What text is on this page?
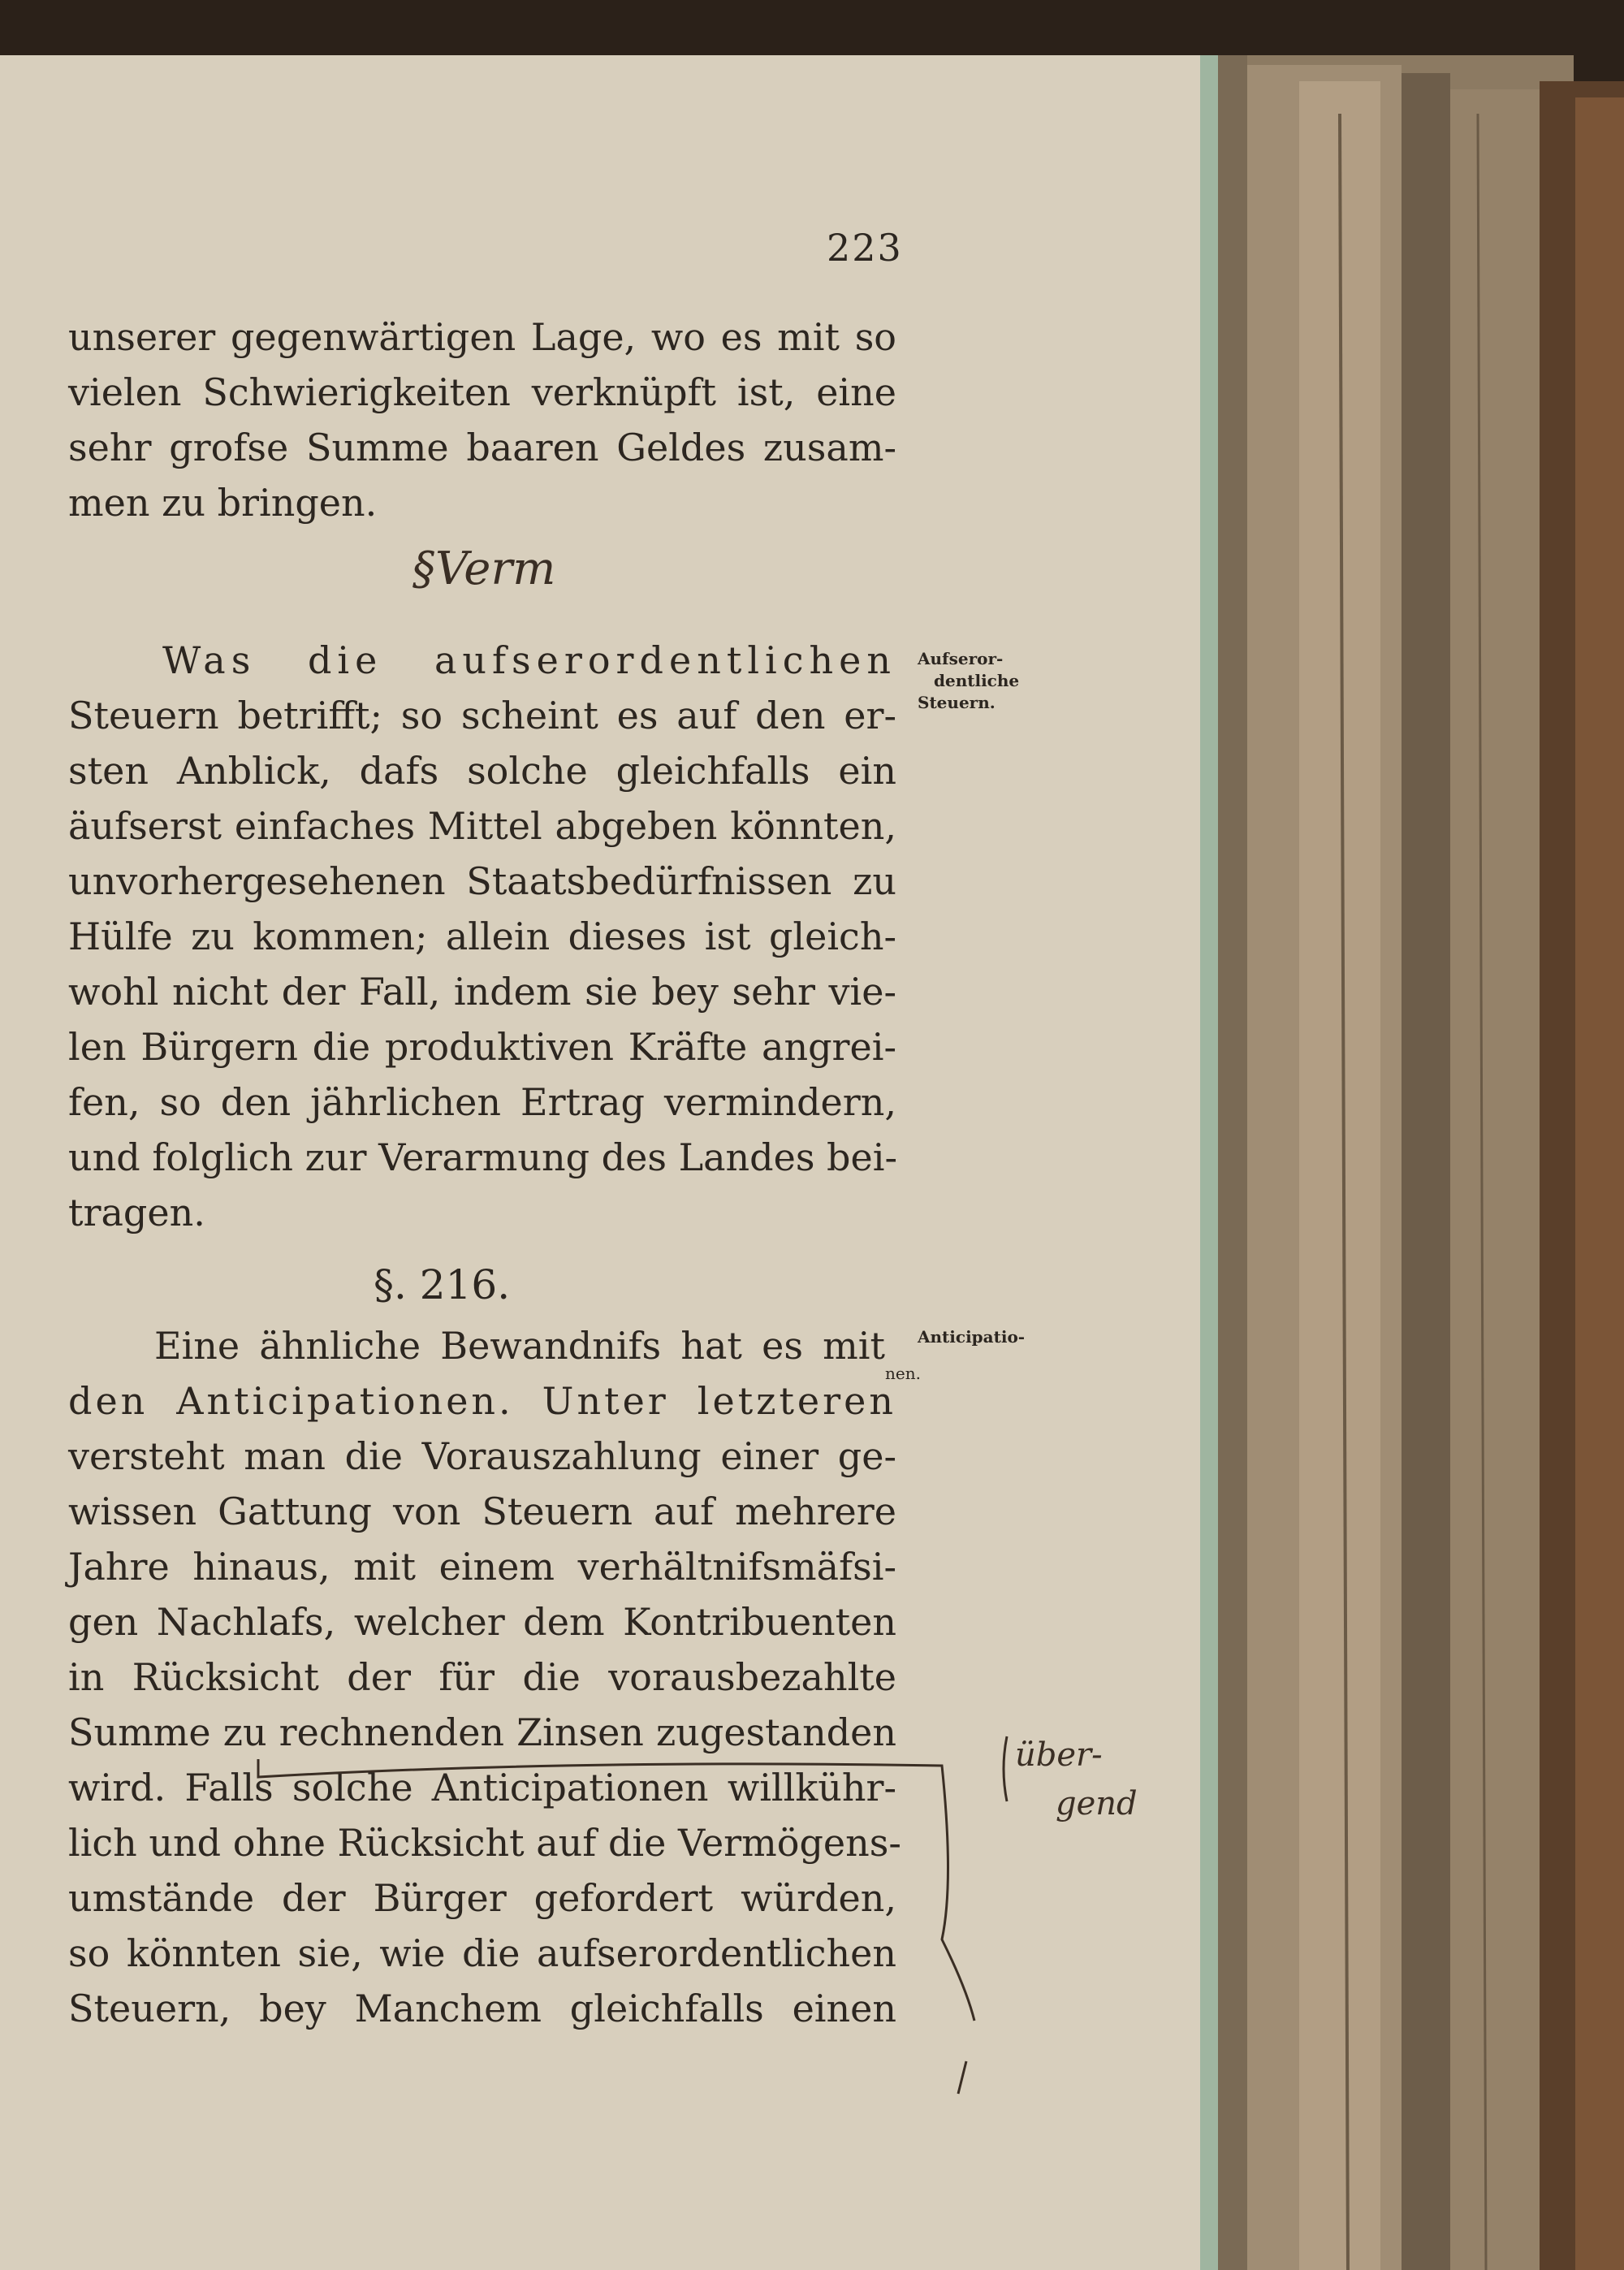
223
unserer gegenwärtigen Lage, wo es mit so
vielen Schwierigkeiten verknüpft ist, eine
sehr grofse Summe baaren Geldes zusam-
men zu bringen.
§Verm
Was die aufserordentlichen
Steuern betrifft; so scheint es auf den er-
sten Anblick, dafs solche gleichfalls ein
äufserst einfaches Mittel abgeben könnten,
unvorhergesehenen Staatsbedürfnissen zu
Hülfe zu kommen; allein dieses ist gleich-
wohl nicht der Fall, indem sie bey sehr vie-
len Bürgern die produktiven Kräfte angrei-
fen, so den jährlichen Ertrag vermindern,
und folglich zur Verarmung des Landes bei-
tragen.
Aufseror-
dentliche
Steuern.
§. 216.
Eine ähnliche Bewandnifs hat es mit
den Anticipationen. Unter letzteren
versteht man die Vorauszahlung einer ge-
wissen Gattung von Steuern auf mehrere
Jahre hinaus, mit einem verhältnifsmäfsi-
gen Nachlafs, welcher dem Kontribuenten
in Rücksicht der für die vorausbezahlte
Summe zu rechnenden Zinsen zugestanden
wird. Falls solche Anticipationen willkühr-
lich und ohne Rücksicht auf die Vermögens-
umstände der Bürger gefordert würden,
so könnten sie, wie die aufserordentlichen
Steuern, bey Manchem gleichfalls einen
Anticipatio-
nen.
über-
gend
